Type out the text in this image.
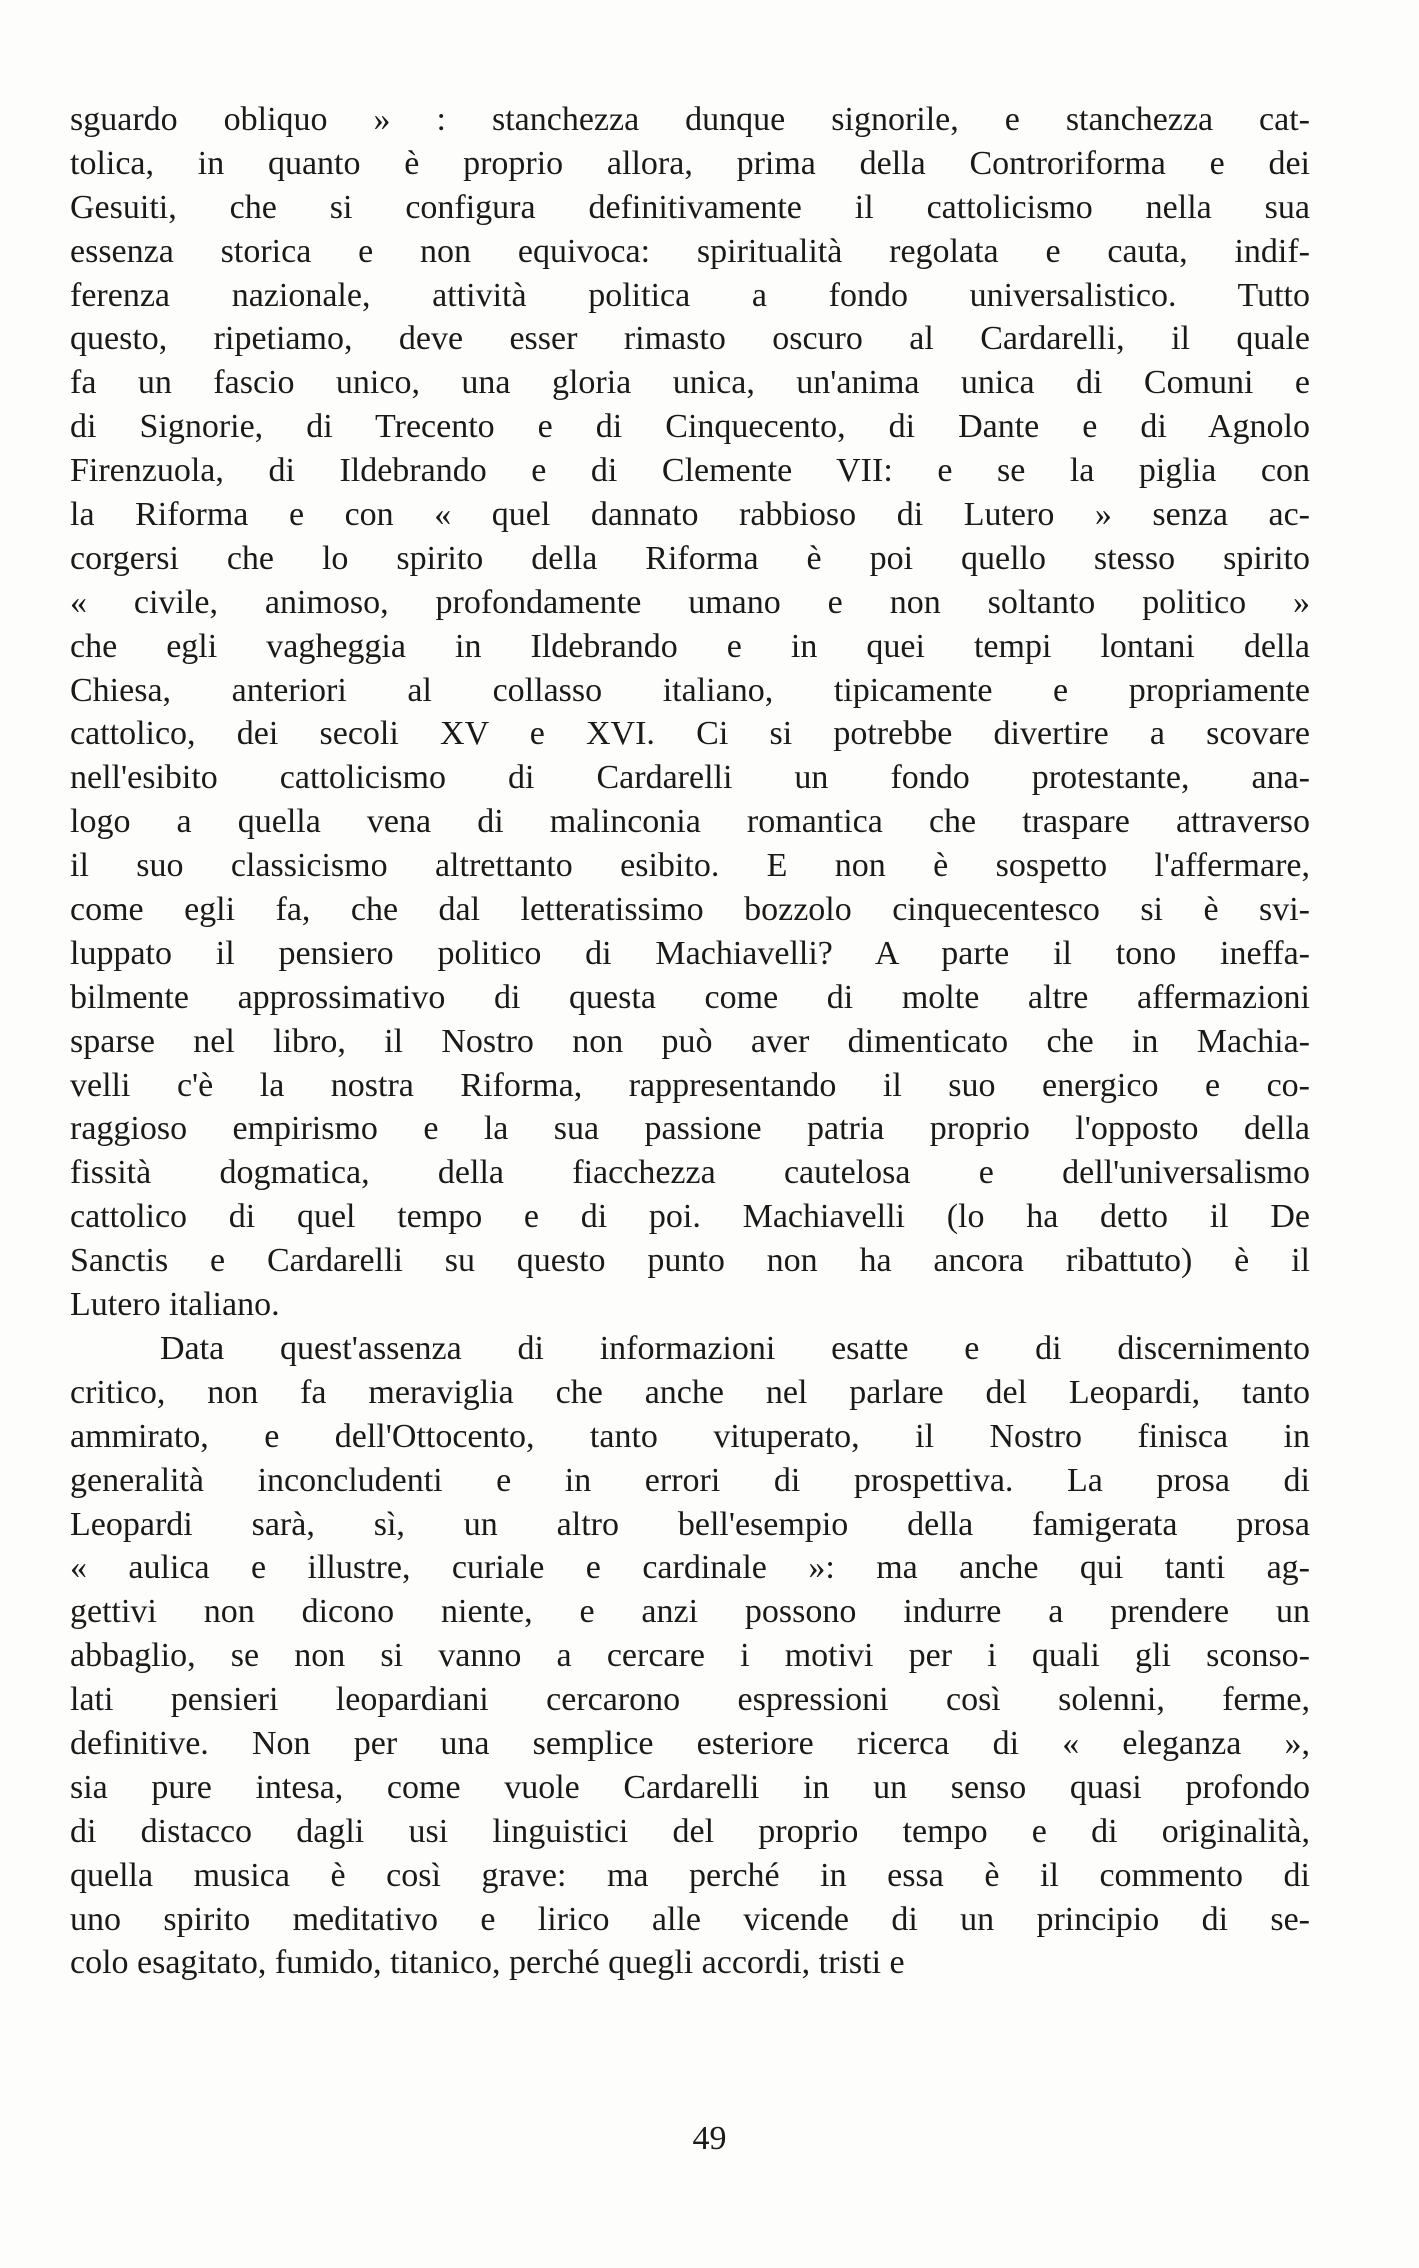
sguardo obliquo » : stanchezza dunque signorile, e stanchezza cat-
tolica, in quanto è proprio allora, prima della Controriforma e dei
Gesuiti, che si configura definitivamente il cattolicismo nella sua
essenza storica e non equivoca: spiritualità regolata e cauta, indif-
ferenza nazionale, attività politica a fondo universalistico. Tutto
questo, ripetiamo, deve esser rimasto oscuro al Cardarelli, il quale
fa un fascio unico, una gloria unica, un'anima unica di Comuni e
di Signorie, di Trecento e di Cinquecento, di Dante e di Agnolo
Firenzuola, di Ildebrando e di Clemente VII: e se la piglia con
la Riforma e con « quel dannato rabbioso di Lutero » senza ac-
corgersi che lo spirito della Riforma è poi quello stesso spirito
« civile, animoso, profondamente umano e non soltanto politico »
che egli vagheggia in Ildebrando e in quei tempi lontani della
Chiesa, anteriori al collasso italiano, tipicamente e propriamente
cattolico, dei secoli XV e XVI. Ci si potrebbe divertire a scovare
nell'esibito cattolicismo di Cardarelli un fondo protestante, ana-
logo a quella vena di malinconia romantica che traspare attraverso
il suo classicismo altrettanto esibito. E non è sospetto l'affermare,
come egli fa, che dal letteratissimo bozzolo cinquecentesco si è svi-
luppato il pensiero politico di Machiavelli? A parte il tono ineffa-
bilmente approssimativo di questa come di molte altre affermazioni
sparse nel libro, il Nostro non può aver dimenticato che in Machia-
velli c'è la nostra Riforma, rappresentando il suo energico e co-
raggioso empirismo e la sua passione patria proprio l'opposto della
fissità dogmatica, della fiacchezza cautelosa e dell'universalismo
cattolico di quel tempo e di poi. Machiavelli (lo ha detto il De
Sanctis e Cardarelli su questo punto non ha ancora ribattuto) è il
Lutero italiano.
Data quest'assenza di informazioni esatte e di discernimento
critico, non fa meraviglia che anche nel parlare del Leopardi, tanto
ammirato, e dell'Ottocento, tanto vituperato, il Nostro finisca in
generalità inconcludenti e in errori di prospettiva. La prosa di
Leopardi sarà, sì, un altro bell'esempio della famigerata prosa
« aulica e illustre, curiale e cardinale »: ma anche qui tanti ag-
gettivi non dicono niente, e anzi possono indurre a prendere un
abbaglio, se non si vanno a cercare i motivi per i quali gli sconso-
lati pensieri leopardiani cercarono espressioni così solenni, ferme,
definitive. Non per una semplice esteriore ricerca di « eleganza »,
sia pure intesa, come vuole Cardarelli in un senso quasi profondo
di distacco dagli usi linguistici del proprio tempo e di originalità,
quella musica è così grave: ma perché in essa è il commento di
uno spirito meditativo e lirico alle vicende di un principio di se-
colo esagitato, fumido, titanico, perché quegli accordi, tristi e
49
